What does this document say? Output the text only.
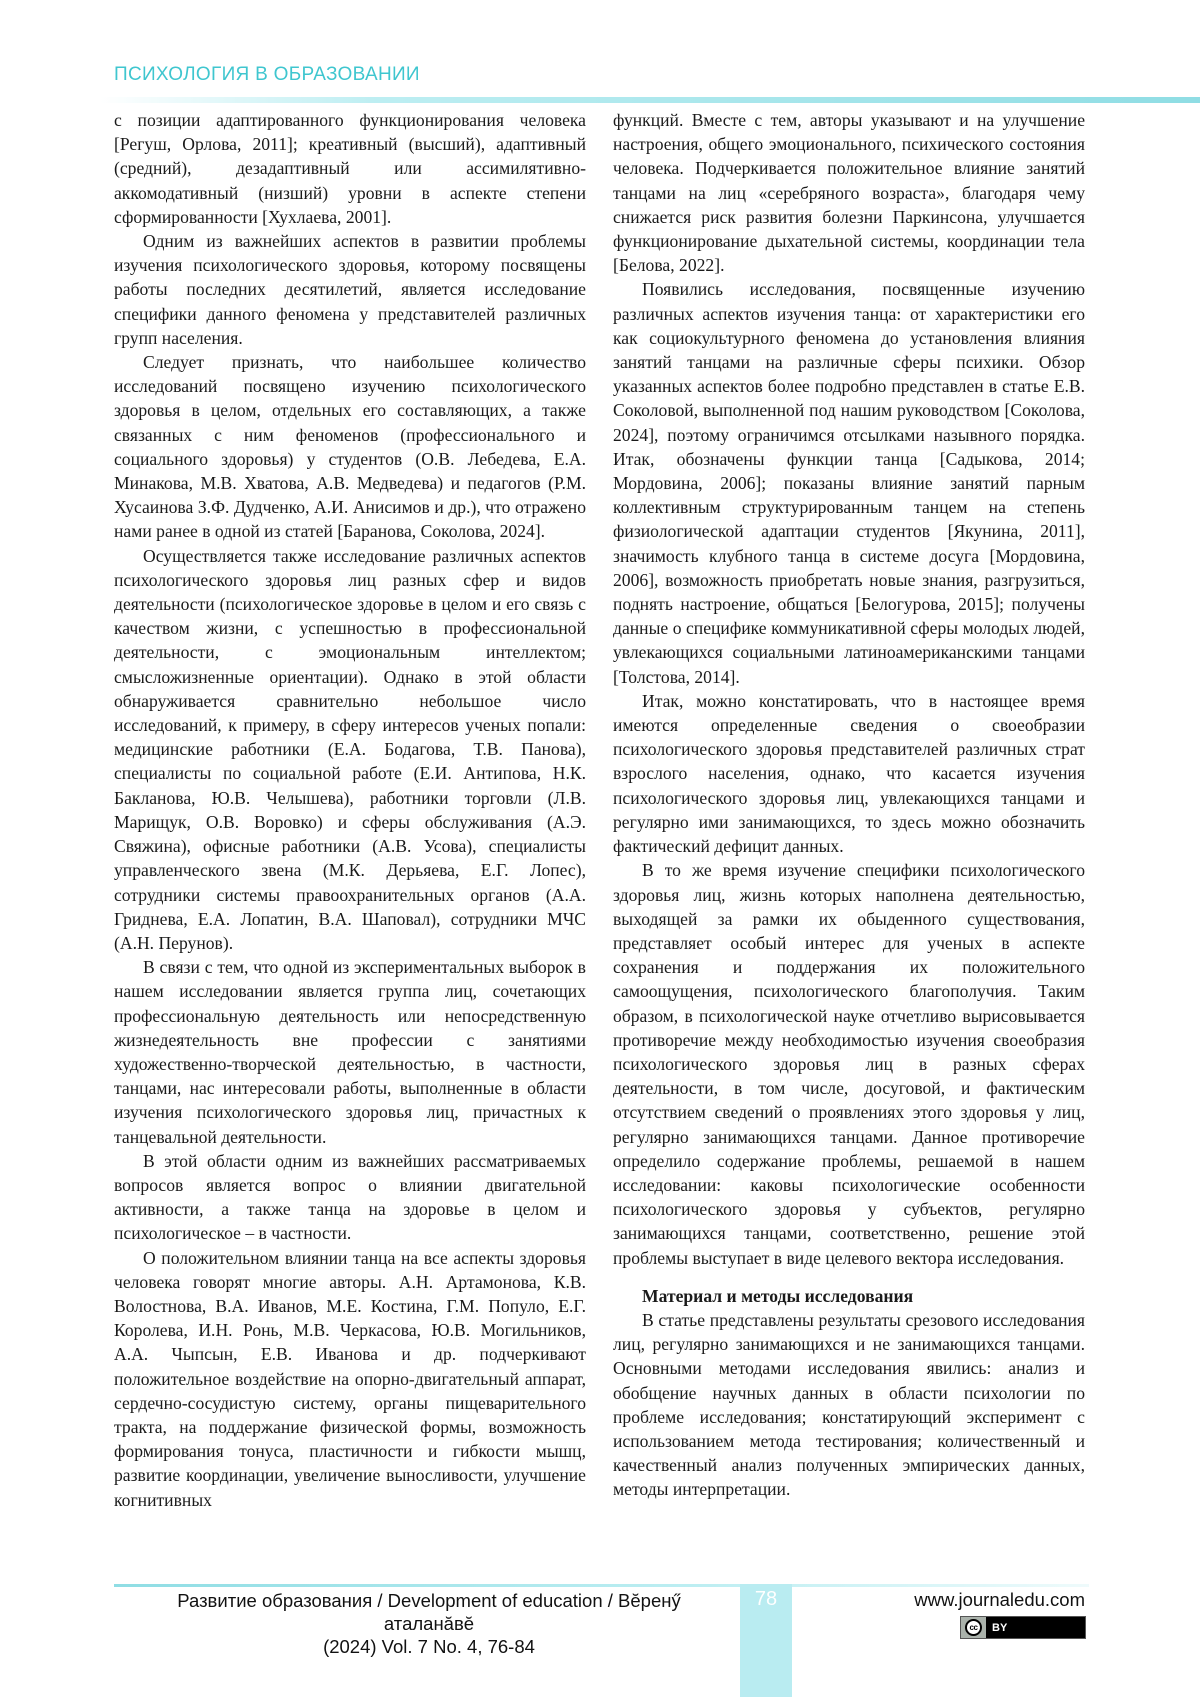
ПСИХОЛОГИЯ В ОБРАЗОВАНИИ

с позиции адаптированного функционирования человека [Регуш, Орлова, 2011]; креативный (высший), адаптивный (средний), дезадаптивный или ассимилятивно-аккомодативный (низший) уровни в аспекте степени сформированности [Хухлаева, 2001].

Одним из важнейших аспектов в развитии проблемы изучения психологического здоровья, которому посвящены работы последних десятилетий, является исследование специфики данного феномена у представителей различных групп населения.

Следует признать, что наибольшее количество исследований посвящено изучению психологического здоровья в целом, отдельных его составляющих, а также связанных с ним феноменов (профессионального и социального здоровья) у студентов (О.В. Лебедева, Е.А. Минакова, М.В. Хватова, А.В. Медведева) и педагогов (Р.М. Хусаинова З.Ф. Дудченко, А.И. Анисимов и др.), что отражено нами ранее в одной из статей [Баранова, Соколова, 2024].

Осуществляется также исследование различных аспектов психологического здоровья лиц разных сфер и видов деятельности (психологическое здоровье в целом и его связь с качеством жизни, с успешностью в профессиональной деятельности, с эмоциональным интеллектом; смысложизненные ориентации). Однако в этой области обнаруживается сравнительно небольшое число исследований, к примеру, в сферу интересов ученых попали: медицинские работники (Е.А. Бодагова, Т.В. Панова), специалисты по социальной работе (Е.И. Антипова, Н.К. Бакланова, Ю.В. Челышева), работники торговли (Л.В. Марищук, О.В. Воровко) и сферы обслуживания (А.Э. Свяжина), офисные работники (А.В. Усова), специалисты управленческого звена (М.К. Дерьяева, Е.Г. Лопес), сотрудники системы правоохранительных органов (А.А. Гриднева, Е.А. Лопатин, В.А. Шаповал), сотрудники МЧС (А.Н. Перунов).

В связи с тем, что одной из экспериментальных выборок в нашем исследовании является группа лиц, сочетающих профессиональную деятельность или непосредственную жизнедеятельность вне профессии с занятиями художественно-творческой деятельностью, в частности, танцами, нас интересовали работы, выполненные в области изучения психологического здоровья лиц, причастных к танцевальной деятельности.

В этой области одним из важнейших рассматриваемых вопросов является вопрос о влиянии двигательной активности, а также танца на здоровье в целом и психологическое – в частности.

О положительном влиянии танца на все аспекты здоровья человека говорят многие авторы. А.Н. Артамонова, К.В. Волостнова, В.А. Иванов, М.Е. Костина, Г.М. Популо, Е.Г. Королева, И.Н. Ронь, М.В. Черкасова, Ю.В. Могильников, А.А. Чыпсын, Е.В. Иванова и др. подчеркивают положительное воздействие на опорно-двигательный аппарат, сердечно-сосудистую систему, органы пищеварительного тракта, на поддержание физической формы, возможность формирования тонуса, пластичности и гибкости мышц, развитие координации, увеличение выносливости, улучшение когнитивных

функций. Вместе с тем, авторы указывают и на улучшение настроения, общего эмоционального, психического состояния человека. Подчеркивается положительное влияние занятий танцами на лиц «серебряного возраста», благодаря чему снижается риск развития болезни Паркинсона, улучшается функционирование дыхательной системы, координации тела [Белова, 2022].

Появились исследования, посвященные изучению различных аспектов изучения танца: от характеристики его как социокультурного феномена до установления влияния занятий танцами на различные сферы психики. Обзор указанных аспектов более подробно представлен в статье Е.В. Соколовой, выполненной под нашим руководством [Соколова, 2024], поэтому ограничимся отсылками назывного порядка. Итак, обозначены функции танца [Садыкова, 2014; Мордовина, 2006]; показаны влияние занятий парным коллективным структурированным танцем на степень физиологической адаптации студентов [Якунина, 2011], значимость клубного танца в системе досуга [Мордовина, 2006], возможность приобретать новые знания, разгрузиться, поднять настроение, общаться [Белогурова, 2015]; получены данные о специфике коммуникативной сферы молодых людей, увлекающихся социальными латиноамериканскими танцами [Толстова, 2014].

Итак, можно констатировать, что в настоящее время имеются определенные сведения о своеобразии психологического здоровья представителей различных страт взрослого населения, однако, что касается изучения психологического здоровья лиц, увлекающихся танцами и регулярно ими занимающихся, то здесь можно обозначить фактический дефицит данных.

В то же время изучение специфики психологического здоровья лиц, жизнь которых наполнена деятельностью, выходящей за рамки их обыденного существования, представляет особый интерес для ученых в аспекте сохранения и поддержания их положительного самоощущения, психологического благополучия. Таким образом, в психологической науке отчетливо вырисовывается противоречие между необходимостью изучения своеобразия психологического здоровья лиц в разных сферах деятельности, в том числе, досуговой, и фактическим отсутствием сведений о проявлениях этого здоровья у лиц, регулярно занимающихся танцами. Данное противоречие определило содержание проблемы, решаемой в нашем исследовании: каковы психологические особенности психологического здоровья у субъектов, регулярно занимающихся танцами, соответственно, решение этой проблемы выступает в виде целевого вектора исследования.

Материал и методы исследования

В статье представлены результаты срезового исследования лиц, регулярно занимающихся и не занимающихся танцами. Основными методами исследования явились: анализ и обобщение научных данных в области психологии по проблеме исследования; констатирующий эксперимент с использованием метода тестирования; количественный и качественный анализ полученных эмпирических данных, методы интерпретации.

78
Развитие образования / Development of education / Вĕренӳ аталанăвĕ
(2024) Vol. 7 No. 4, 76-84
www.journaledu.com
cc	BY
